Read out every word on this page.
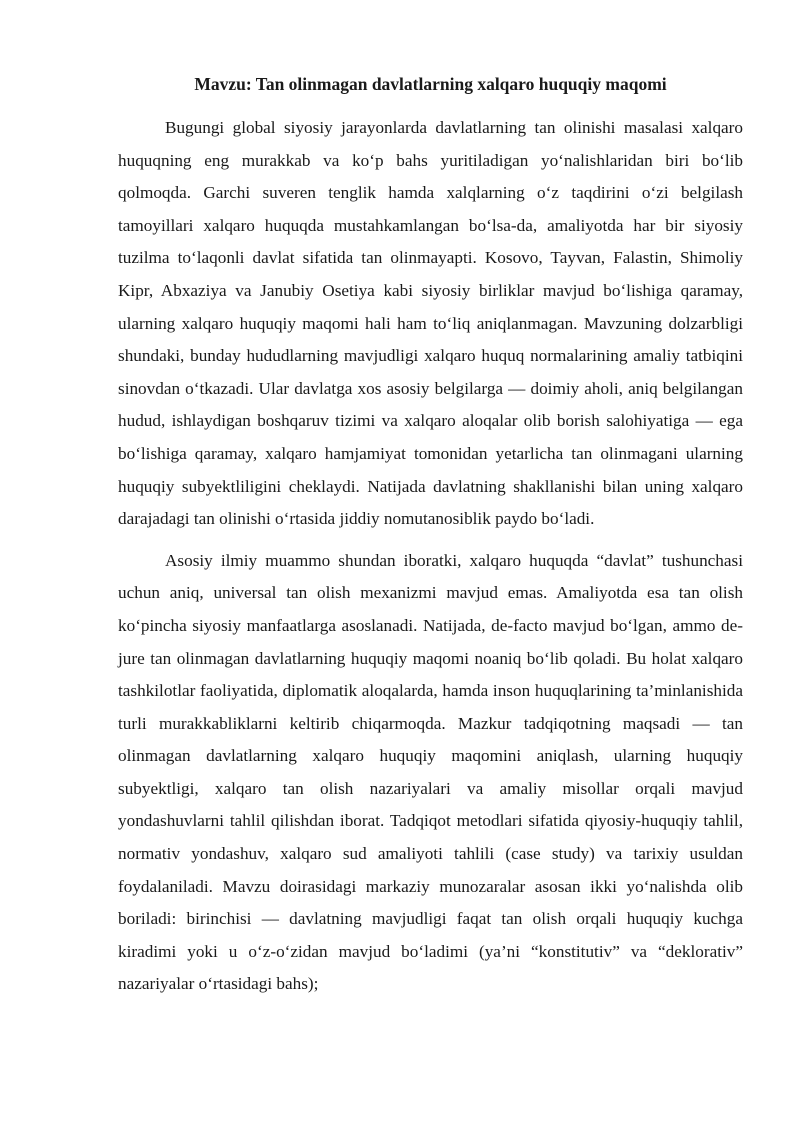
Mavzu: Tan olinmagan davlatlarning xalqaro huquqiy maqomi

Bugungi global siyosiy jarayonlarda davlatlarning tan olinishi masalasi xalqaro huquqning eng murakkab va ko‘p bahs yuritiladigan yo‘nalishlaridan biri bo‘lib qolmoqda. Garchi suveren tenglik hamda xalqlarning o‘z taqdirini o‘zi belgilash tamoyillari xalqaro huquqda mustahkamlangan bo‘lsa-da, amaliyotda har bir siyosiy tuzilma to‘laqonli davlat sifatida tan olinmayapti. Kosovo, Tayvan, Falastin, Shimoliy Kipr, Abxaziya va Janubiy Osetiya kabi siyosiy birliklar mavjud bo‘lishiga qaramay, ularning xalqaro huquqiy maqomi hali ham to‘liq aniqlanmagan. Mavzuning dolzarbligi shundaki, bunday hududlarning mavjudligi xalqaro huquq normalarining amaliy tatbiqini sinovdan o‘tkazadi. Ular davlatga xos asosiy belgilarga — doimiy aholi, aniq belgilangan hudud, ishlaydigan boshqaruv tizimi va xalqaro aloqalar olib borish salohiyatiga — ega bo‘lishiga qaramay, xalqaro hamjamiyat tomonidan yetarlicha tan olinmagani ularning huquqiy subyektliligini cheklaydi. Natijada davlatning shakllanishi bilan uning xalqaro darajadagi tan olinishi o‘rtasida jiddiy nomutanosiblik paydo bo‘ladi.

Asosiy ilmiy muammo shundan iboratki, xalqaro huquqda “davlat” tushunchasi uchun aniq, universal tan olish mexanizmi mavjud emas. Amaliyotda esa tan olish ko‘pincha siyosiy manfaatlarga asoslanadi. Natijada, de-facto mavjud bo‘lgan, ammo de-jure tan olinmagan davlatlarning huquqiy maqomi noaniq bo‘lib qoladi. Bu holat xalqaro tashkilotlar faoliyatida, diplomatik aloqalarda, hamda inson huquqlarining ta’minlanishida turli murakkabliklarni keltirib chiqarmoqda. Mazkur tadqiqotning maqsadi — tan olinmagan davlatlarning xalqaro huquqiy maqomini aniqlash, ularning huquqiy subyektligi, xalqaro tan olish nazariyalari va amaliy misollar orqali mavjud yondashuvlarni tahlil qilishdan iborat. Tadqiqot metodlari sifatida qiyosiy-huquqiy tahlil, normativ yondashuv, xalqaro sud amaliyoti tahlili (case study) va tarixiy usuldan foydalaniladi. Mavzu doirasidagi markaziy munozaralar asosan ikki yo‘nalishda olib boriladi: birinchisi — davlatning mavjudligi faqat tan olish orqali huquqiy kuchga kiradimi yoki u o‘z-o‘zidan mavjud bo‘ladimi (ya’ni “konstitutiv” va “deklorativ” nazariyalar o‘rtasidagi bahs);
